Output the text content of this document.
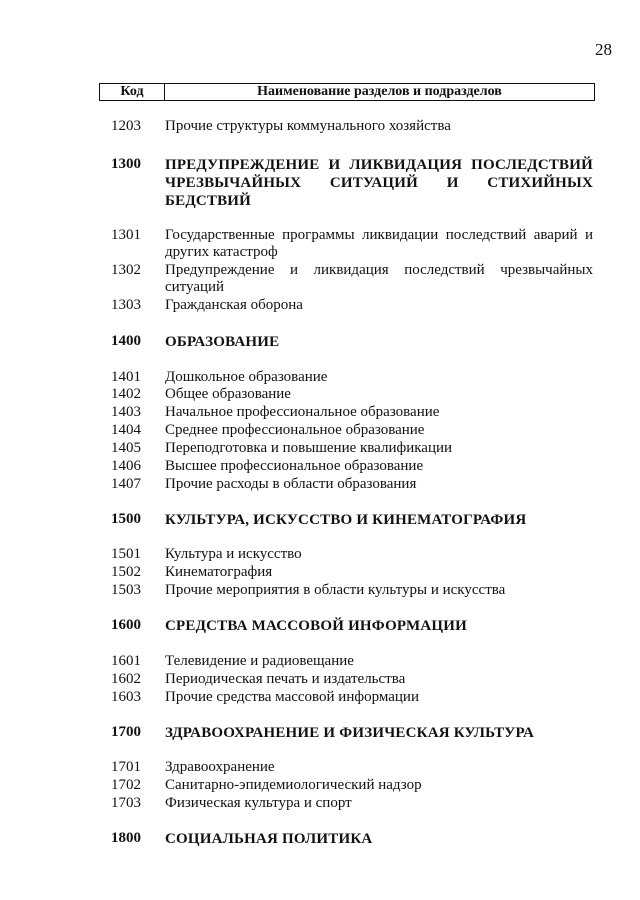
28
Код	Наименование разделов и подразделов
1203 Прочие структуры коммунального хозяйства
1300 ПРЕДУПРЕЖДЕНИЕ И ЛИКВИДАЦИЯ ПОСЛЕДСТВИЙ ЧРЕЗВЫЧАЙНЫХ СИТУАЦИЙ И СТИХИЙНЫХ БЕДСТВИЙ
1301 Государственные программы ликвидации последствий аварий и других катастроф
1302 Предупреждение и ликвидация последствий чрезвычайных ситуаций
1303 Гражданская оборона
1400 ОБРАЗОВАНИЕ
1401 Дошкольное образование
1402 Общее образование
1403 Начальное профессиональное образование
1404 Среднее профессиональное образование
1405 Переподготовка и повышение квалификации
1406 Высшее профессиональное образование
1407 Прочие расходы в области образования
1500 КУЛЬТУРА, ИСКУССТВО И КИНЕМАТОГРАФИЯ
1501 Культура и искусство
1502 Кинематография
1503 Прочие мероприятия в области культуры и искусства
1600 СРЕДСТВА МАССОВОЙ ИНФОРМАЦИИ
1601 Телевидение и радиовещание
1602 Периодическая печать и издательства
1603 Прочие средства массовой информации
1700 ЗДРАВООХРАНЕНИЕ И ФИЗИЧЕСКАЯ КУЛЬТУРА
1701 Здравоохранение
1702 Санитарно-эпидемиологический надзор
1703 Физическая культура и спорт
1800 СОЦИАЛЬНАЯ ПОЛИТИКА
